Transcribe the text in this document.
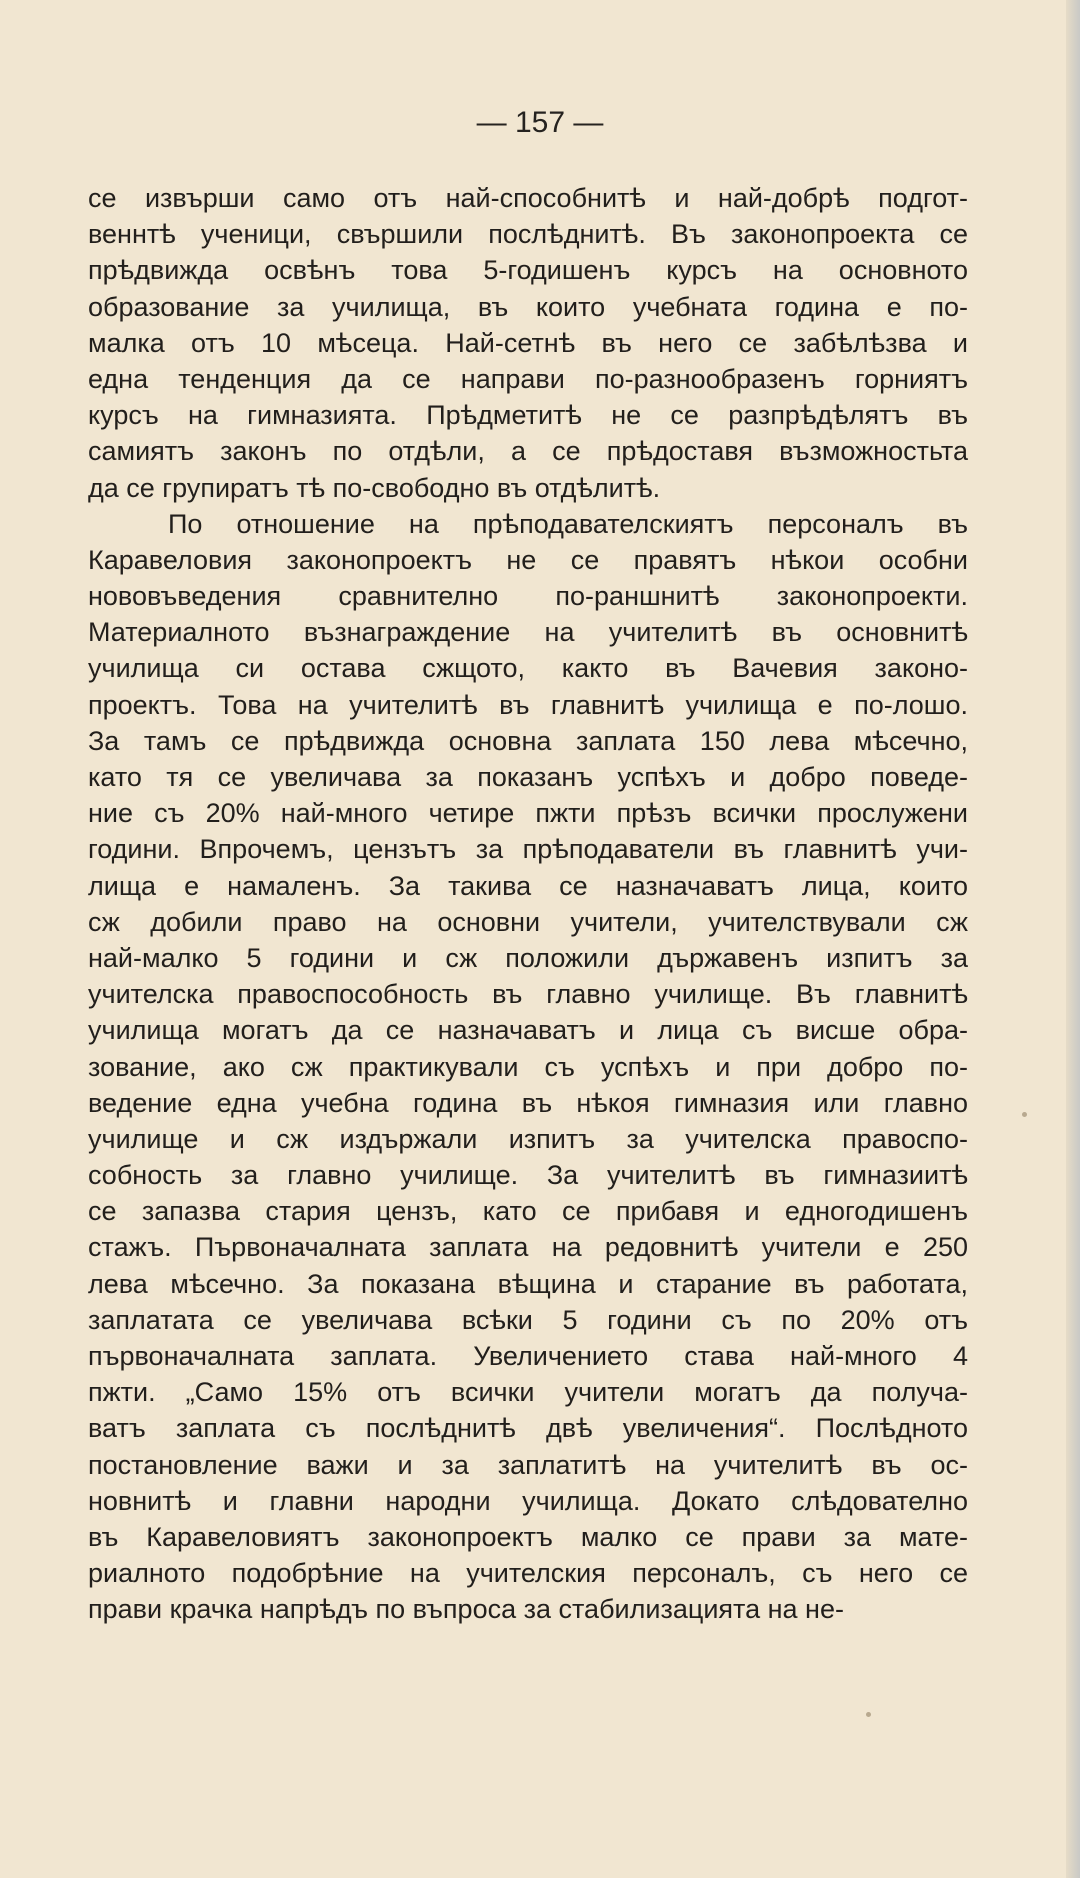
— 157 —
се извърши само отъ най-способнитѣ и най-добрѣ подгот-
веннтѣ ученици, свършили послѣднитѣ. Въ законопроекта се
прѣдвижда освѣнъ това 5-годишенъ курсъ на основното
образование за училища, въ които учебната година е по-
малка отъ 10 мѣсеца. Най-сетнѣ въ него се забѣлѣзва и
една тенденция да се направи по-разнообразенъ горниятъ
курсъ на гимназията. Прѣдметитѣ не се разпрѣдѣлятъ въ
самиятъ законъ по отдѣли, а се прѣдоставя възможностьта
да се групиратъ тѣ по-свободно въ отдѣлитѣ.
По отношение на прѣподавателскиятъ персоналъ въ
Каравеловия законопроектъ не се правятъ нѣкои особни
нововъведения сравнително по-раншнитѣ законопроекти.
Материалното възнаграждение на учителитѣ въ основнитѣ
училища си остава сжщото, както въ Вачевия законо-
проектъ. Това на учителитѣ въ главнитѣ училища е по-лошо.
За тамъ се прѣдвижда основна заплата 150 лева мѣсечно,
като тя се увеличава за показанъ успѣхъ и добро поведе-
ние съ 20% най-много четире пжти прѣзъ всички прослужени
години. Впрочемъ, цензътъ за прѣподаватели въ главнитѣ учи-
лища е намаленъ. За такива се назначаватъ лица, които
сж добили право на основни учители, учителствували сж
най-малко 5 години и сж положили държавенъ изпитъ за
учителска правоспособность въ главно училище. Въ главнитѣ
училища могатъ да се назначаватъ и лица съ висше обра-
зование, ако сж практикували съ успѣхъ и при добро по-
ведение една учебна година въ нѣкоя гимназия или главно
училище и сж издържали изпитъ за учителска правоспо-
собность за главно училище. За учителитѣ въ гимназиитѣ
се запазва стария цензъ, като се прибавя и едногодишенъ
стажъ. Първоначалната заплата на редовнитѣ учители е 250
лева мѣсечно. За показана вѣщина и старание въ работата,
заплатата се увеличава всѣки 5 години съ по 20% отъ
първоначалната заплата. Увеличението става най-много 4
пжти. „Само 15% отъ всички учители могатъ да получа-
ватъ заплата съ послѣднитѣ двѣ увеличения“. Послѣдното
постановление важи и за заплатитѣ на учителитѣ въ ос-
новнитѣ и главни народни училища. Докато слѣдователно
въ Каравеловиятъ законопроектъ малко се прави за мате-
риалното подобрѣние на учителския персоналъ, съ него се
прави крачка напрѣдъ по въпроса за стабилизацията на не-
